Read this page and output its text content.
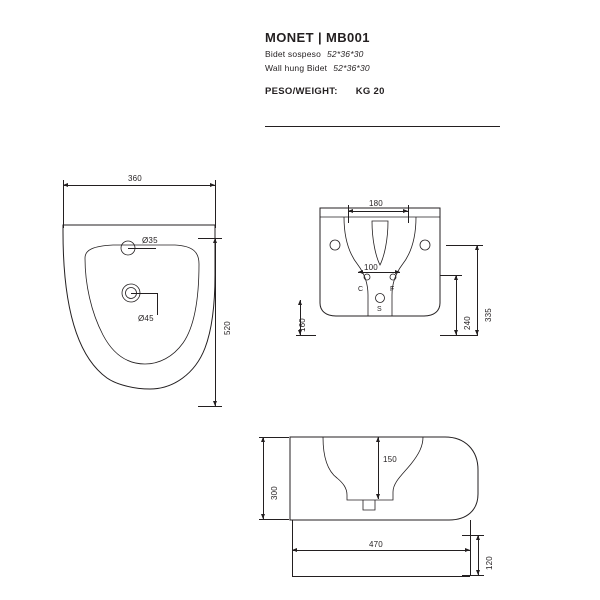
MONET | MB001
Bidet sospeso 52*36*30
Wall hung Bidet 52*36*30
PESO/WEIGHT: KG 20
360
520
Ø35
Ø45
180
100
C	F
S
160	240
335
470
300
150
120
